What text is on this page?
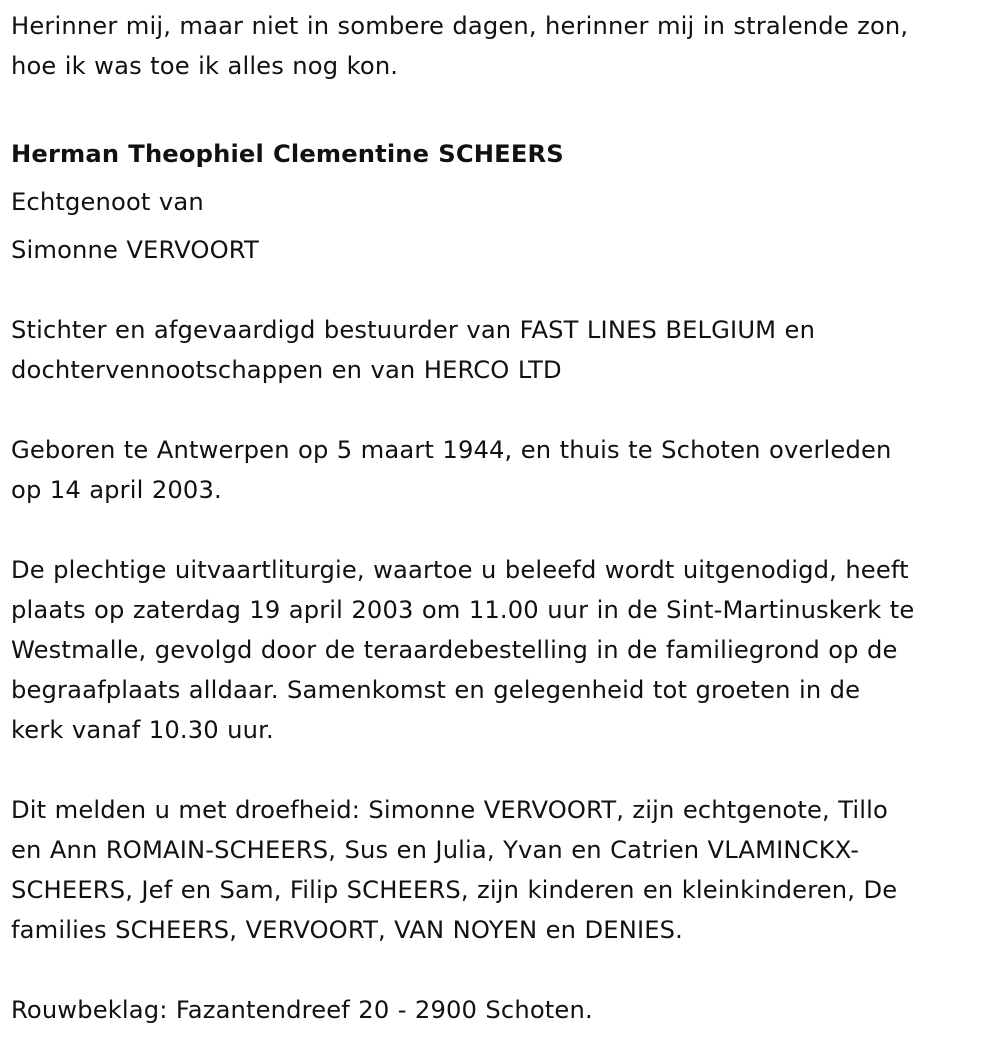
Herinner mij, maar niet in sombere dagen, herinner mij in stralende zon,
hoe ik was toe ik alles nog kon.
Herman Theophiel Clementine SCHEERS
Echtgenoot van
Simonne VERVOORT
Stichter en afgevaardigd bestuurder van FAST LINES BELGIUM en
dochtervennootschappen en van HERCO LTD
Geboren te Antwerpen op 5 maart 1944, en thuis te Schoten overleden
op 14 april 2003.
De plechtige uitvaartliturgie, waartoe u beleefd wordt uitgenodigd, heeft
plaats op zaterdag 19 april 2003 om 11.00 uur in de Sint-Martinuskerk te
Westmalle, gevolgd door de teraardebestelling in de familiegrond op de
begraafplaats alldaar. Samenkomst en gelegenheid tot groeten in de
kerk vanaf 10.30 uur.
Dit melden u met droefheid: Simonne VERVOORT, zijn echtgenote, Tillo
en Ann ROMAIN-SCHEERS, Sus en Julia, Yvan en Catrien VLAMINCKX-
SCHEERS, Jef en Sam, Filip SCHEERS, zijn kinderen en kleinkinderen, De
families SCHEERS, VERVOORT, VAN NOYEN en DENIES.
Rouwbeklag: Fazantendreef 20 - 2900 Schoten.
